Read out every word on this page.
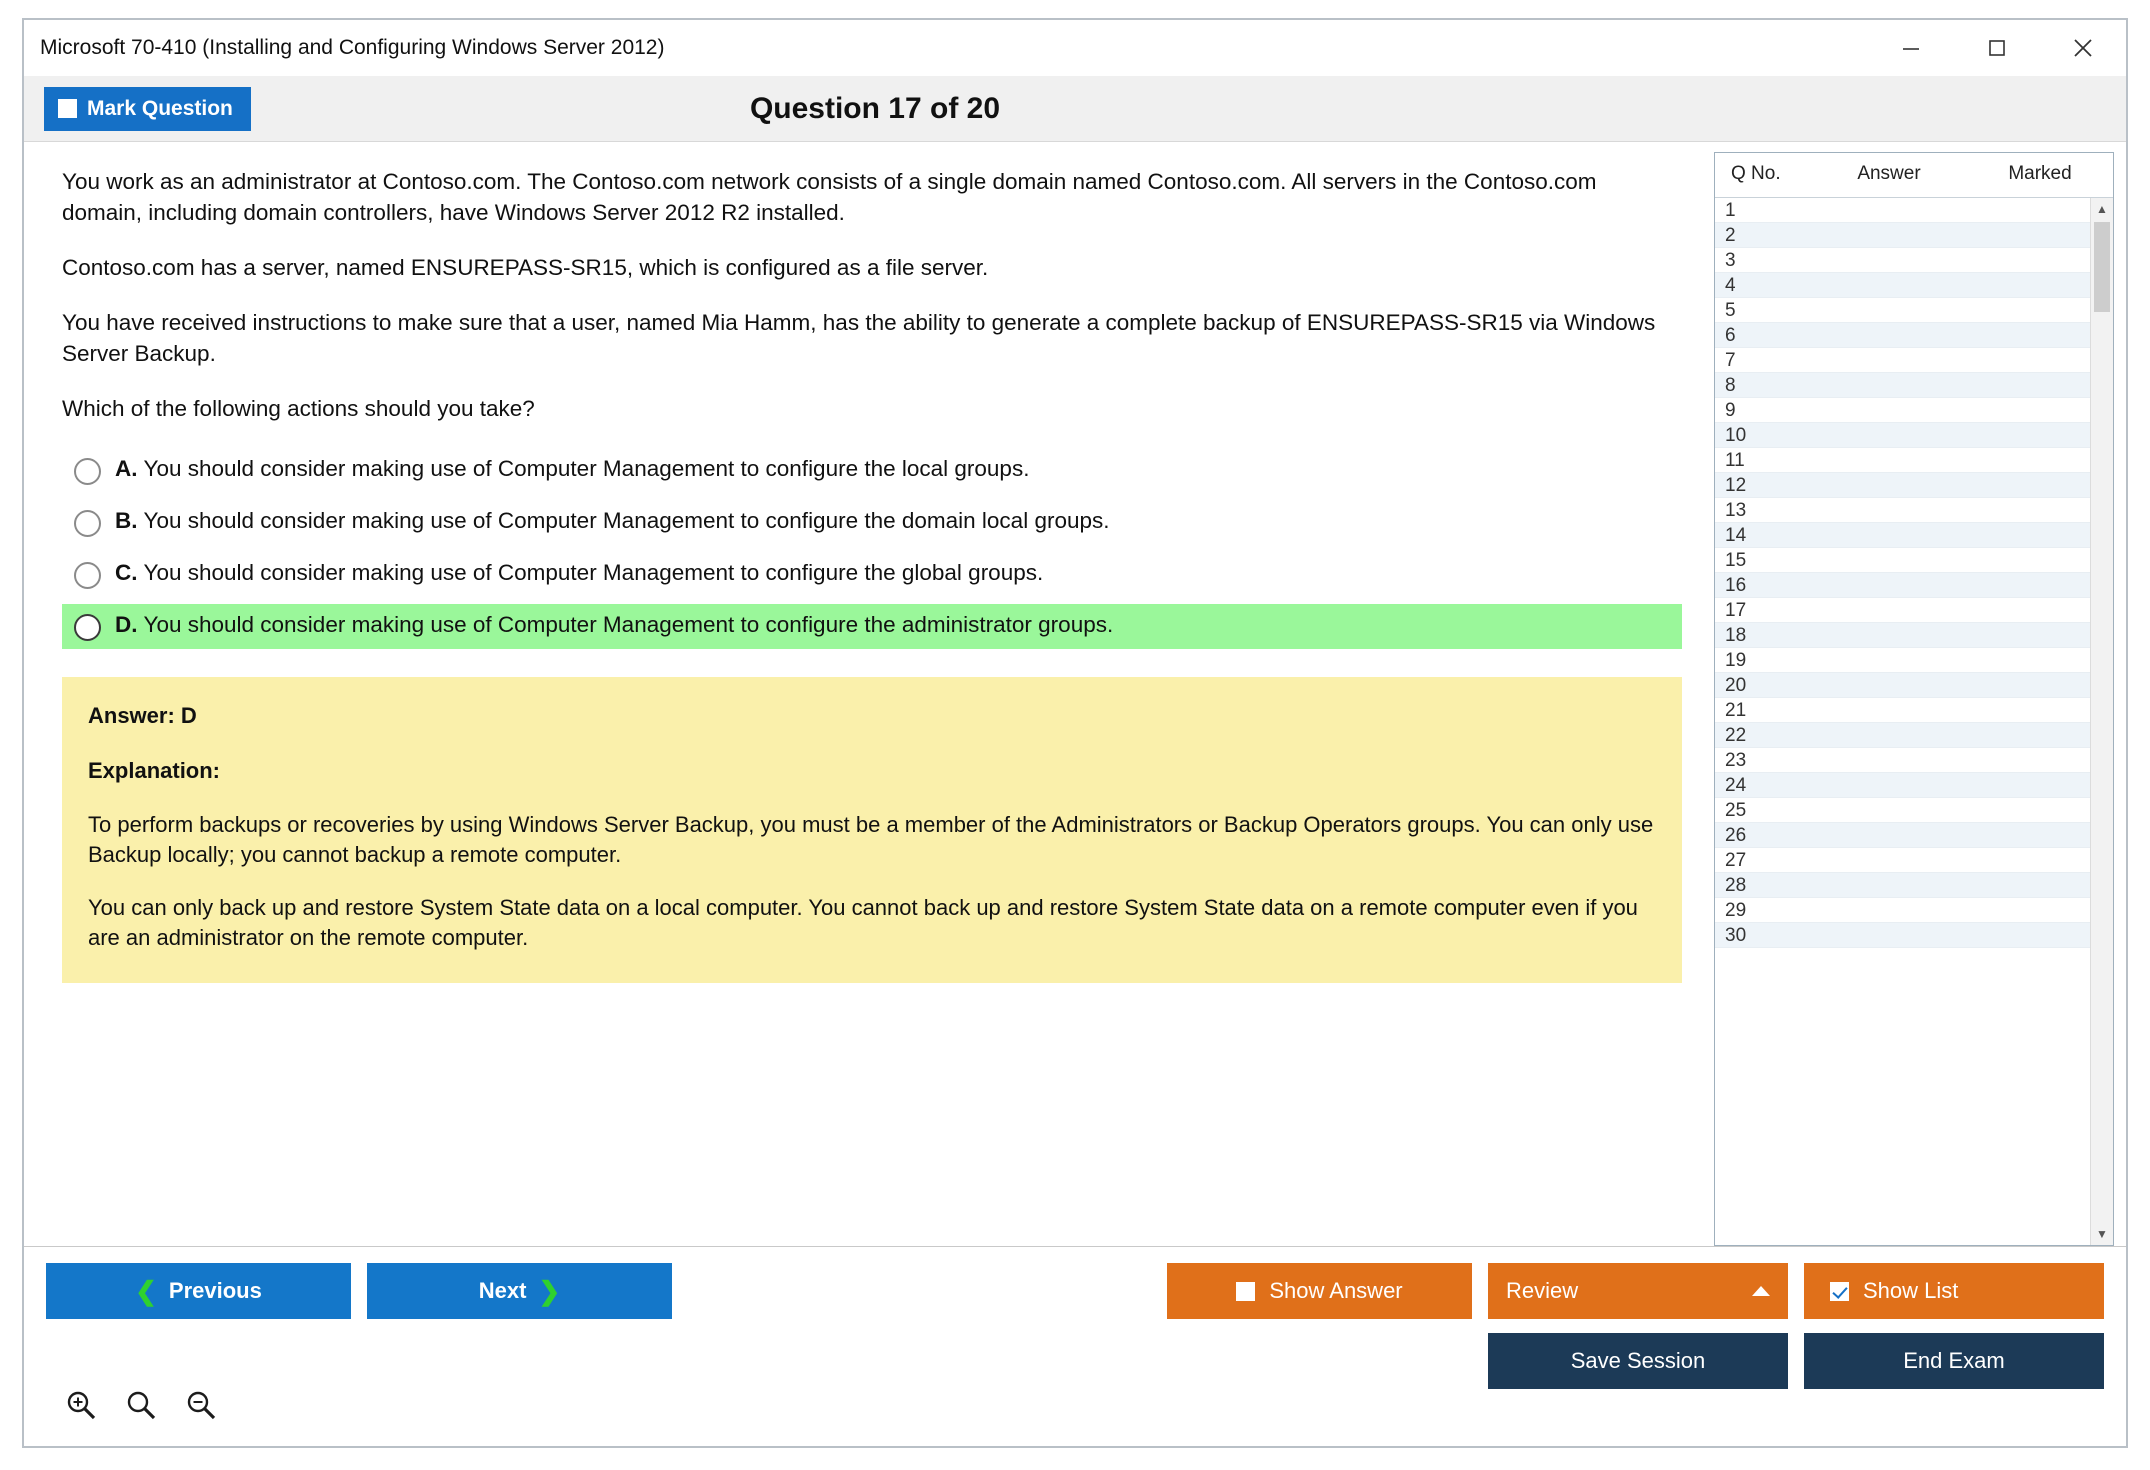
Microsoft 70-410 (Installing and Configuring Windows Server 2012)
Mark Question	Question 17 of 20

You work as an administrator at Contoso.com. The Contoso.com network consists of a single domain named Contoso.com. All servers in the Contoso.com domain, including domain controllers, have Windows Server 2012 R2 installed.

Contoso.com has a server, named ENSUREPASS-SR15, which is configured as a file server.

You have received instructions to make sure that a user, named Mia Hamm, has the ability to generate a complete backup of ENSUREPASS-SR15 via Windows Server Backup.

Which of the following actions should you take?

A. You should consider making use of Computer Management to configure the local groups.
B. You should consider making use of Computer Management to configure the domain local groups.
C. You should consider making use of Computer Management to configure the global groups.
D. You should consider making use of Computer Management to configure the administrator groups.

Answer: D

Explanation:

To perform backups or recoveries by using Windows Server Backup, you must be a member of the Administrators or Backup Operators groups. You can only use Backup locally; you cannot backup a remote computer.

You can only back up and restore System State data on a local computer. You cannot back up and restore System State data on a remote computer even if you are an administrator on the remote computer.

Q No.	Answer	Marked
1
2
3
4
5
6
7
8
9
10
11
12
13
14
15
16
17
18
19
20
21
22
23
24
25
26
27
28
29
30
▲
▼
❮ Previous	Next ❯	Show Answer	Review	Show List
Save Session	End Exam
